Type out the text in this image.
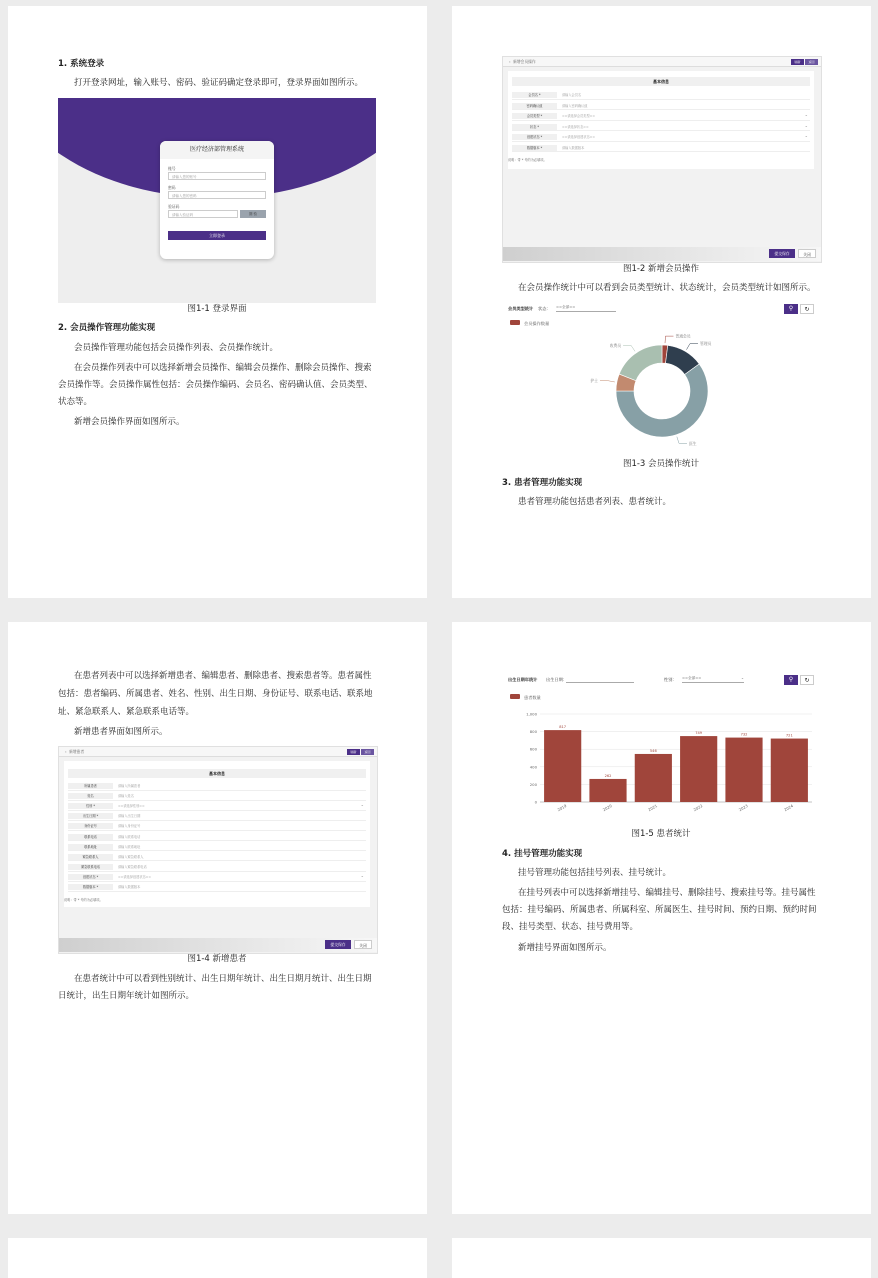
1. 系统登录
打开登录网址，输入账号、密码、验证码确定登录即可，登录界面如图所示。
医疗经济部管理系统
账号
请输入您的账号
密码
请输入您的密码
验证码
请输入验证码	图 验
立即登录
图1-1 登录界面
2. 会员操作管理功能实现
会员操作管理功能包括会员操作列表、会员操作统计。
在会员操作列表中可以选择新增会员操作、编辑会员操作、删除会员操作、搜索
会员操作等。会员操作属性包括：会员操作编码、会员名、密码确认值、会员类型、
状态等。
新增会员操作界面如图所示。
‹  新增会员操作	刷新	返回
基本信息
会员名 *	请输入会员名
密码确认值	请输入密码确认值
会员类型 *	==请选择会员类型==	⌄
状态 *	==请选择状态==	⌄
创建状态 *	==请选择创建状态==	⌄
数据版本 *	请输入数据版本
说明：带 * 号的为必填项。
提交保存	关闭
图1-2 新增会员操作
在会员操作统计中可以看到会员类型统计、状态统计，会员类型统计如图所示。
会员类型统计 状态： ==全部==	⚲	↻
会员操作数量
普通会员
管理员
医生
护士
收费员
图1-3 会员操作统计
3. 患者管理功能实现
患者管理功能包括患者列表、患者统计。
在患者列表中可以选择新增患者、编辑患者、删除患者、搜索患者等。患者属性
包括：患者编码、所属患者、姓名、性别、出生日期、身份证号、联系电话、联系地
址、紧急联系人、紧急联系电话等。
新增患者界面如图所示。
‹  新增患者	刷新	返回
基本信息
所属患者	请输入所属患者
姓名	请输入姓名
性别 *	==请选择性别==	⌄
出生日期 *	请输入出生日期
身份证号	请输入身份证号
联系电话	请输入联系电话
联系地址	请输入联系地址
紧急联系人	请输入紧急联系人
紧急联系电话	请输入紧急联系电话
创建状态 *	==请选择创建状态==	⌄
数据版本 *	请输入数据版本
说明：带 * 号的为必填项。
提交保存	关闭
图1-4 新增患者
在患者统计中可以看到性别统计、出生日期年统计、出生日期月统计、出生日期
日统计，出生日期年统计如图所示。
出生日期年统计 出生日期：	性别： ==全部==	⌄	⚲	↻
患者数量
0
200
400
600
800
1,000
817
2019
262
2020
546
2021
749
2022
732
2023
721
2024
图1-5 患者统计
4. 挂号管理功能实现
挂号管理功能包括挂号列表、挂号统计。
在挂号列表中可以选择新增挂号、编辑挂号、删除挂号、搜索挂号等。挂号属性
包括：挂号编码、所属患者、所属科室、所属医生、挂号时间、预约日期、预约时间
段、挂号类型、状态、挂号费用等。
新增挂号界面如图所示。
